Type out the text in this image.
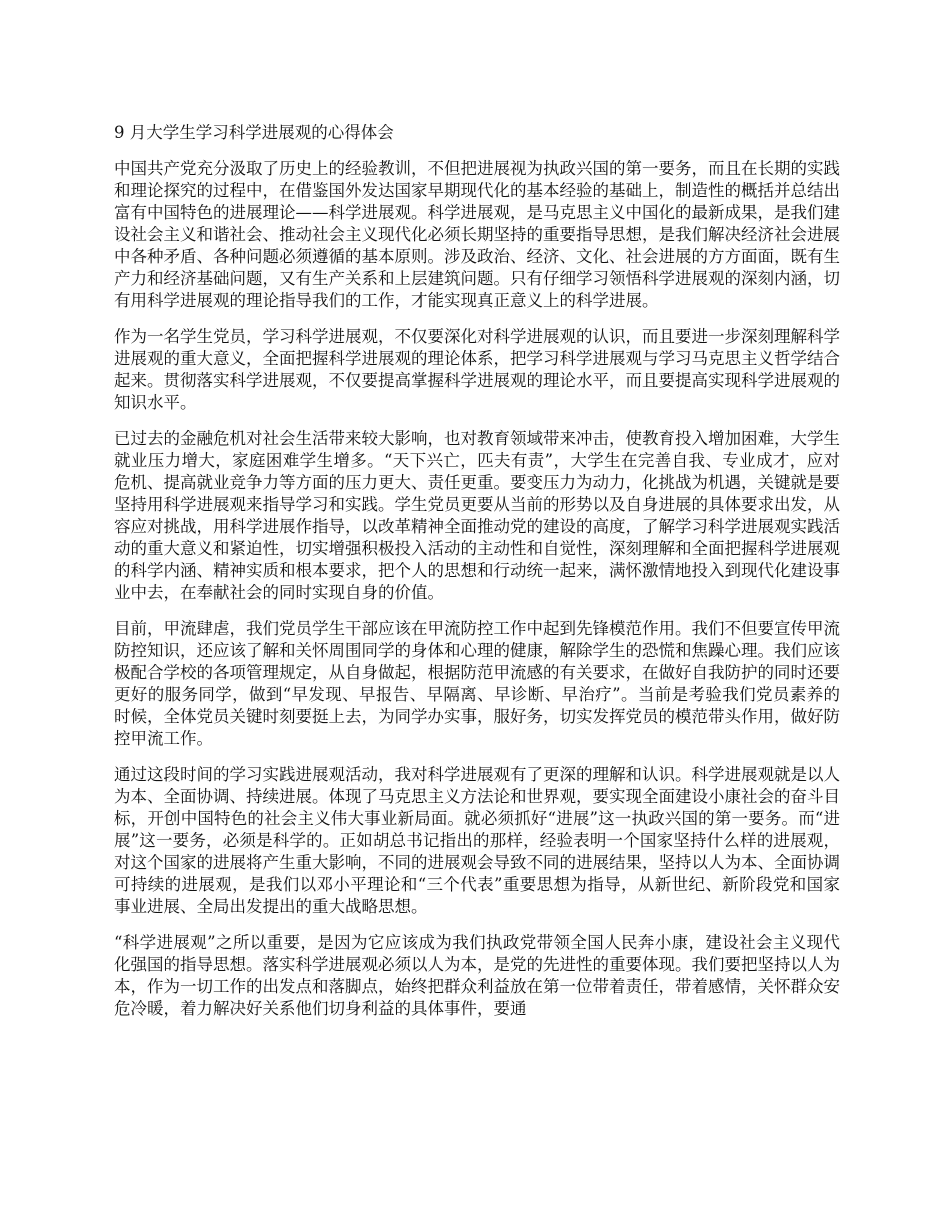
9 月大学生学习科学进展观的心得体会

中国共产党充分汲取了历史上的经验教训，不但把进展视为执政兴国的第一要务，而且在长期的实践和理论探究的过程中，在借鉴国外发达国家早期现代化的基本经验的基础上，制造性的概括并总结出富有中国特色的进展理论——科学进展观。科学进展观，是马克思主义中国化的最新成果，是我们建设社会主义和谐社会、推动社会主义现代化必须长期坚持的重要指导思想，是我们解决经济社会进展中各种矛盾、各种问题必须遵循的基本原则。涉及政治、经济、文化、社会进展的方方面面，既有生产力和经济基础问题，又有生产关系和上层建筑问题。只有仔细学习领悟科学进展观的深刻内涵，切有用科学进展观的理论指导我们的工作，才能实现真正意义上的科学进展。

作为一名学生党员，学习科学进展观，不仅要深化对科学进展观的认识，而且要进一步深刻理解科学进展观的重大意义，全面把握科学进展观的理论体系，把学习科学进展观与学习马克思主义哲学结合起来。贯彻落实科学进展观，不仅要提高掌握科学进展观的理论水平，而且要提高实现科学进展观的知识水平。

已过去的金融危机对社会生活带来较大影响，也对教育领域带来冲击，使教育投入增加困难，大学生就业压力增大，家庭困难学生增多。“天下兴亡，匹夫有责”，大学生在完善自我、专业成才，应对危机、提高就业竞争力等方面的压力更大、责任更重。要变压力为动力，化挑战为机遇，关键就是要坚持用科学进展观来指导学习和实践。学生党员更要从当前的形势以及自身进展的具体要求出发，从容应对挑战，用科学进展作指导，以改革精神全面推动党的建设的高度，了解学习科学进展观实践活动的重大意义和紧迫性，切实增强积极投入活动的主动性和自觉性，深刻理解和全面把握科学进展观的科学内涵、精神实质和根本要求，把个人的思想和行动统一起来，满怀激情地投入到现代化建设事业中去，在奉献社会的同时实现自身的价值。

目前，甲流肆虐，我们党员学生干部应该在甲流防控工作中起到先锋模范作用。我们不但要宣传甲流防控知识，还应该了解和关怀周围同学的身体和心理的健康，解除学生的恐慌和焦躁心理。我们应该极配合学校的各项管理规定，从自身做起，根据防范甲流感的有关要求，在做好自我防护的同时还要更好的服务同学，做到“早发现、早报告、早隔离、早诊断、早治疗”。当前是考验我们党员素养的时候，全体党员关键时刻要挺上去，为同学办实事，服好务，切实发挥党员的模范带头作用，做好防控甲流工作。

通过这段时间的学习实践进展观活动，我对科学进展观有了更深的理解和认识。科学进展观就是以人为本、全面协调、持续进展。体现了马克思主义方法论和世界观，要实现全面建设小康社会的奋斗目标，开创中国特色的社会主义伟大事业新局面。就必须抓好“进展”这一执政兴国的第一要务。而“进展”这一要务，必须是科学的。正如胡总书记指出的那样，经验表明一个国家坚持什么样的进展观，对这个国家的进展将产生重大影响，不同的进展观会导致不同的进展结果，坚持以人为本、全面协调可持续的进展观，是我们以邓小平理论和“三个代表”重要思想为指导，从新世纪、新阶段党和国家事业进展、全局出发提出的重大战略思想。

“科学进展观”之所以重要，是因为它应该成为我们执政党带领全国人民奔小康，建设社会主义现代化强国的指导思想。落实科学进展观必须以人为本，是党的先进性的重要体现。我们要把坚持以人为本，作为一切工作的出发点和落脚点，始终把群众利益放在第一位带着责任，带着感情，关怀群众安危冷暖，着力解决好关系他们切身利益的具体事件，要通
